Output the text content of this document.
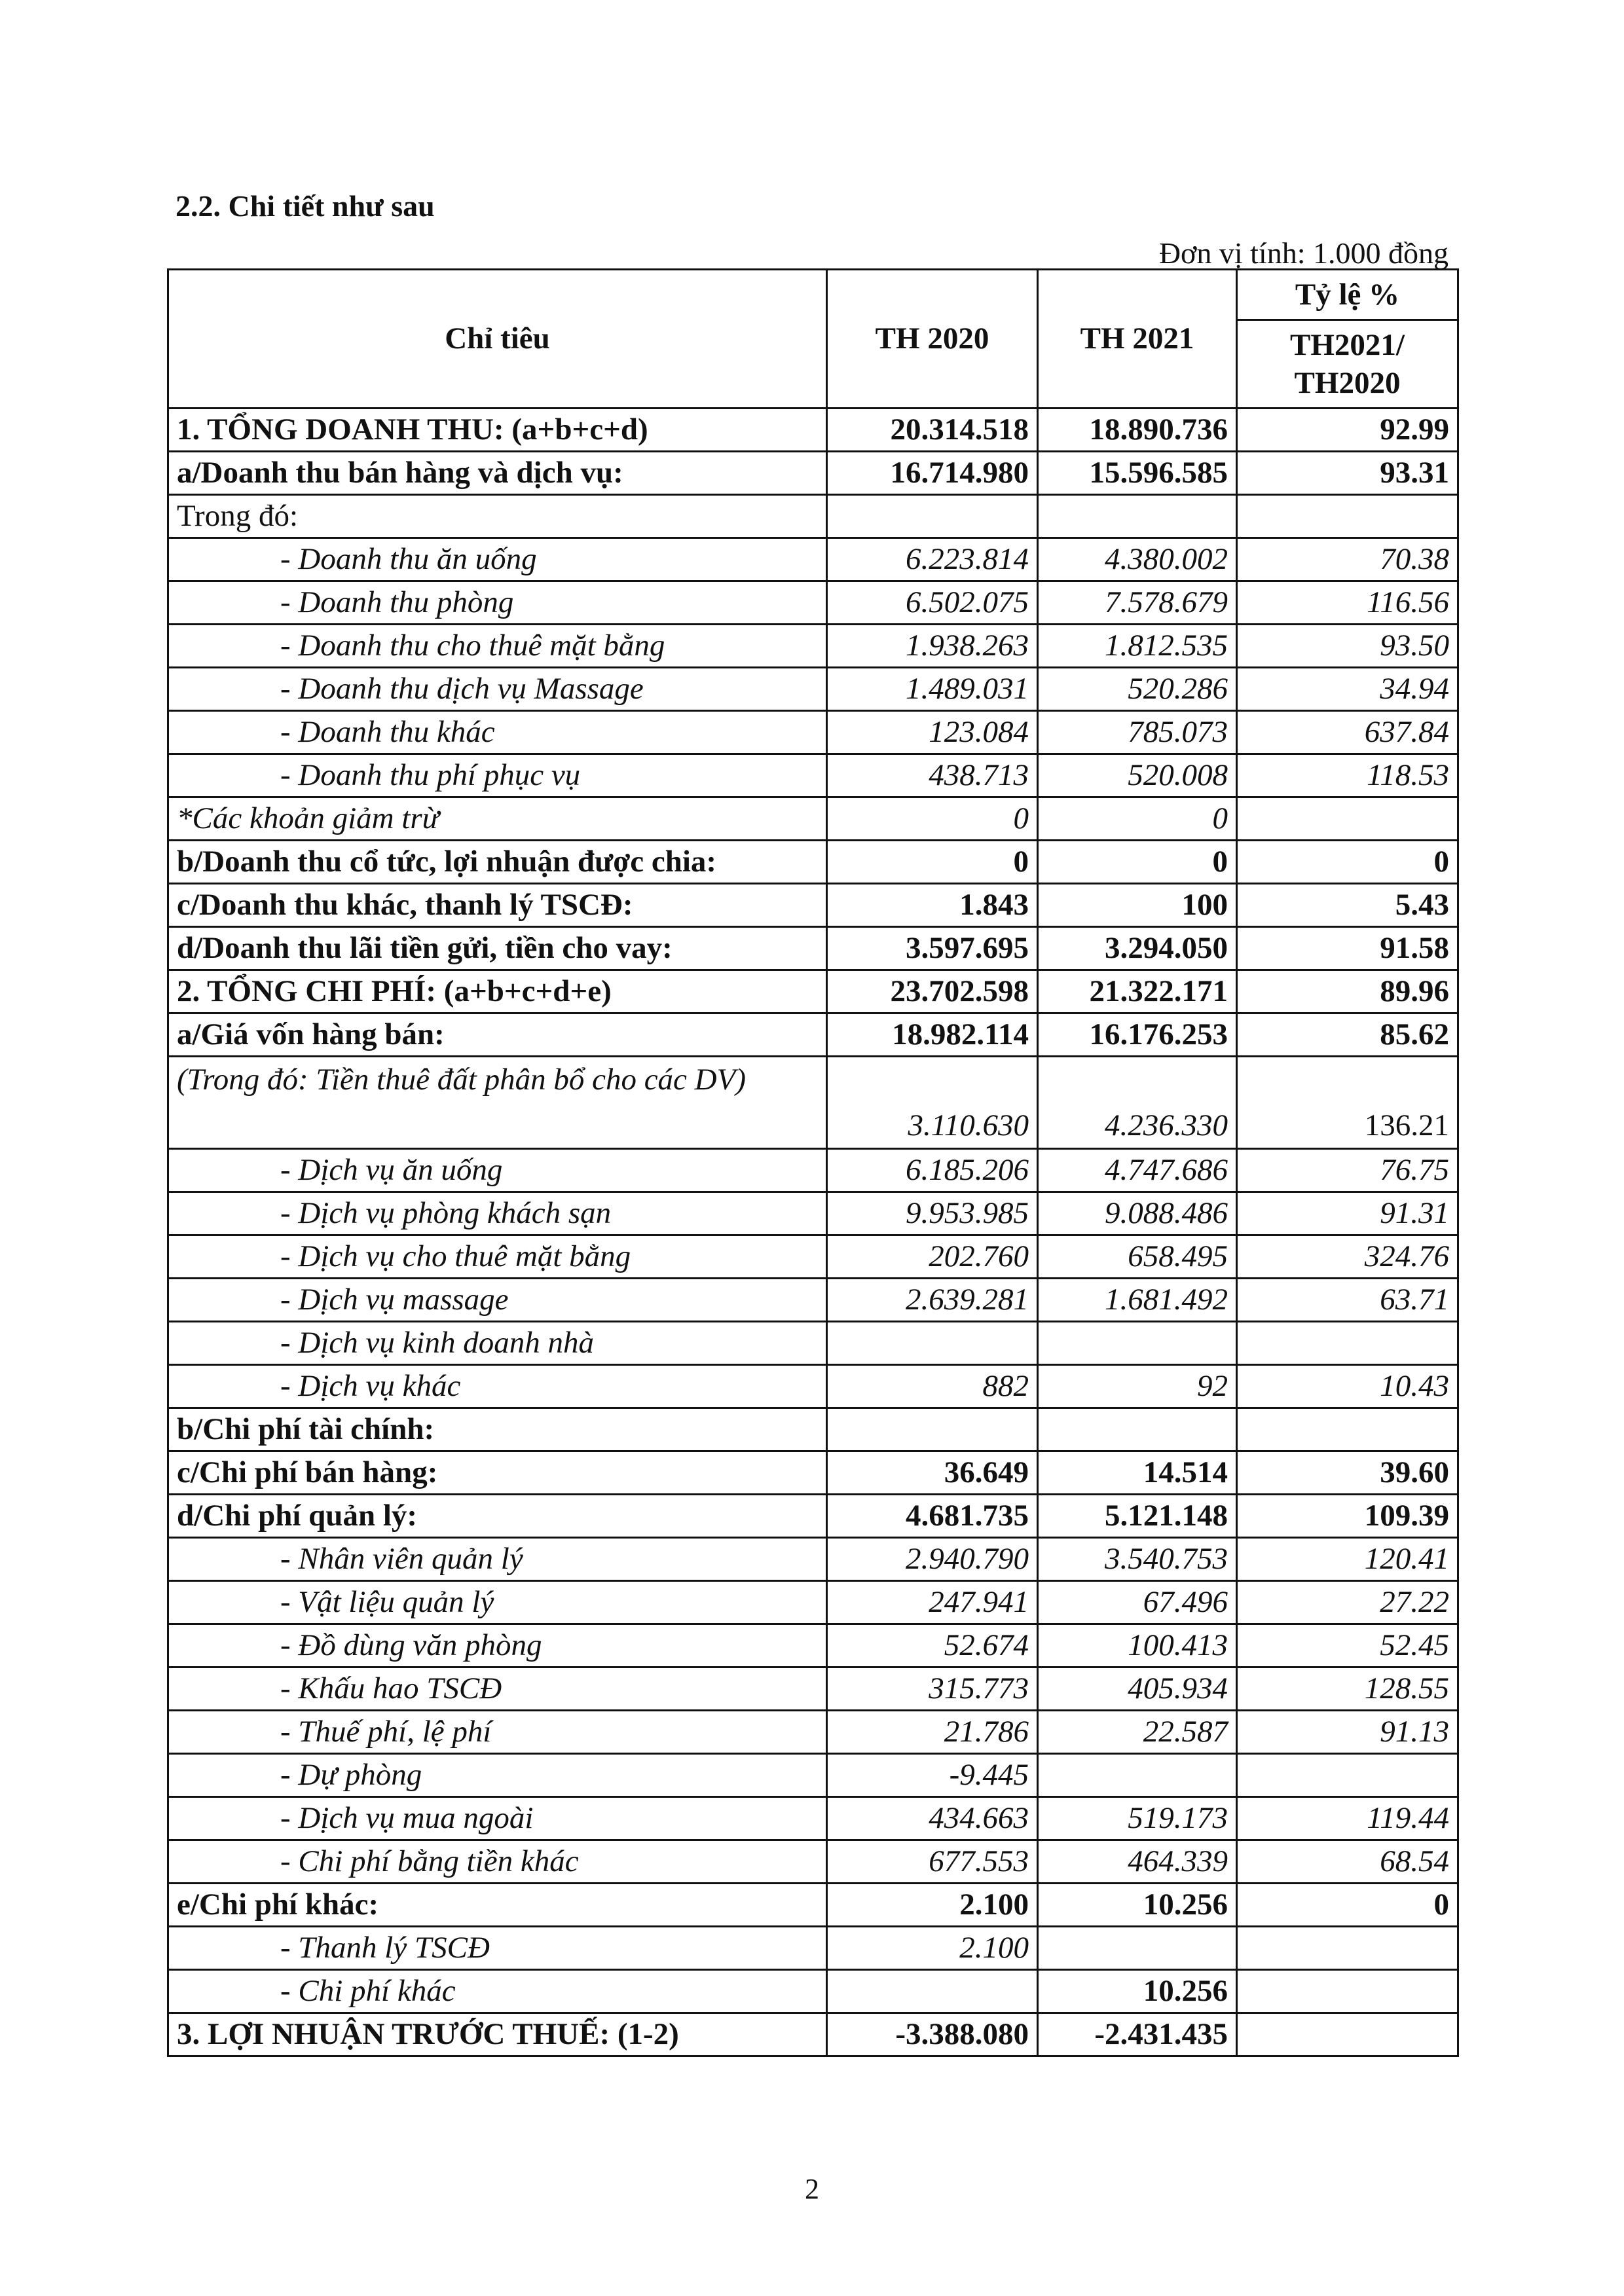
2.2. Chi tiết như sau

Đơn vị tính: 1.000 đồng

Chỉ tiêu	TH 2020	TH 2021	Tỷ lệ %
			TH2021/ TH2020
1. TỔNG DOANH THU: (a+b+c+d)	20.314.518	18.890.736	92.99
a/Doanh thu bán hàng và dịch vụ:	16.714.980	15.596.585	93.31
Trong đó:			
- Doanh thu ăn uống	6.223.814	4.380.002	70.38
- Doanh thu phòng	6.502.075	7.578.679	116.56
- Doanh thu cho thuê mặt bằng	1.938.263	1.812.535	93.50
- Doanh thu dịch vụ Massage	1.489.031	520.286	34.94
- Doanh thu khác	123.084	785.073	637.84
- Doanh thu phí phục vụ	438.713	520.008	118.53
*Các khoản giảm trừ	0	0	
b/Doanh thu cổ tức, lợi nhuận được chia:	0	0	0
c/Doanh thu khác, thanh lý TSCĐ:	1.843	100	5.43
d/Doanh thu lãi tiền gửi, tiền cho vay:	3.597.695	3.294.050	91.58
2. TỔNG CHI PHÍ: (a+b+c+d+e)	23.702.598	21.322.171	89.96
a/Giá vốn hàng bán:	18.982.114	16.176.253	85.62
(Trong đó: Tiền thuê đất phân bổ cho các DV)	3.110.630	4.236.330	136.21
- Dịch vụ ăn uống	6.185.206	4.747.686	76.75
- Dịch vụ phòng khách sạn	9.953.985	9.088.486	91.31
- Dịch vụ cho thuê mặt bằng	202.760	658.495	324.76
- Dịch vụ massage	2.639.281	1.681.492	63.71
- Dịch vụ kinh doanh nhà			
- Dịch vụ khác	882	92	10.43
b/Chi phí tài chính:			
c/Chi phí bán hàng:	36.649	14.514	39.60
d/Chi phí quản lý:	4.681.735	5.121.148	109.39
- Nhân viên quản lý	2.940.790	3.540.753	120.41
- Vật liệu quản lý	247.941	67.496	27.22
- Đồ dùng văn phòng	52.674	100.413	52.45
- Khấu hao TSCĐ	315.773	405.934	128.55
- Thuế phí, lệ phí	21.786	22.587	91.13
- Dự phòng	-9.445		
- Dịch vụ mua ngoài	434.663	519.173	119.44
- Chi phí bằng tiền khác	677.553	464.339	68.54
e/Chi phí khác:	2.100	10.256	0
- Thanh lý TSCĐ	2.100		
- Chi phí khác		10.256	
3. LỢI NHUẬN TRƯỚC THUẾ: (1-2)	-3.388.080	-2.431.435	

2
